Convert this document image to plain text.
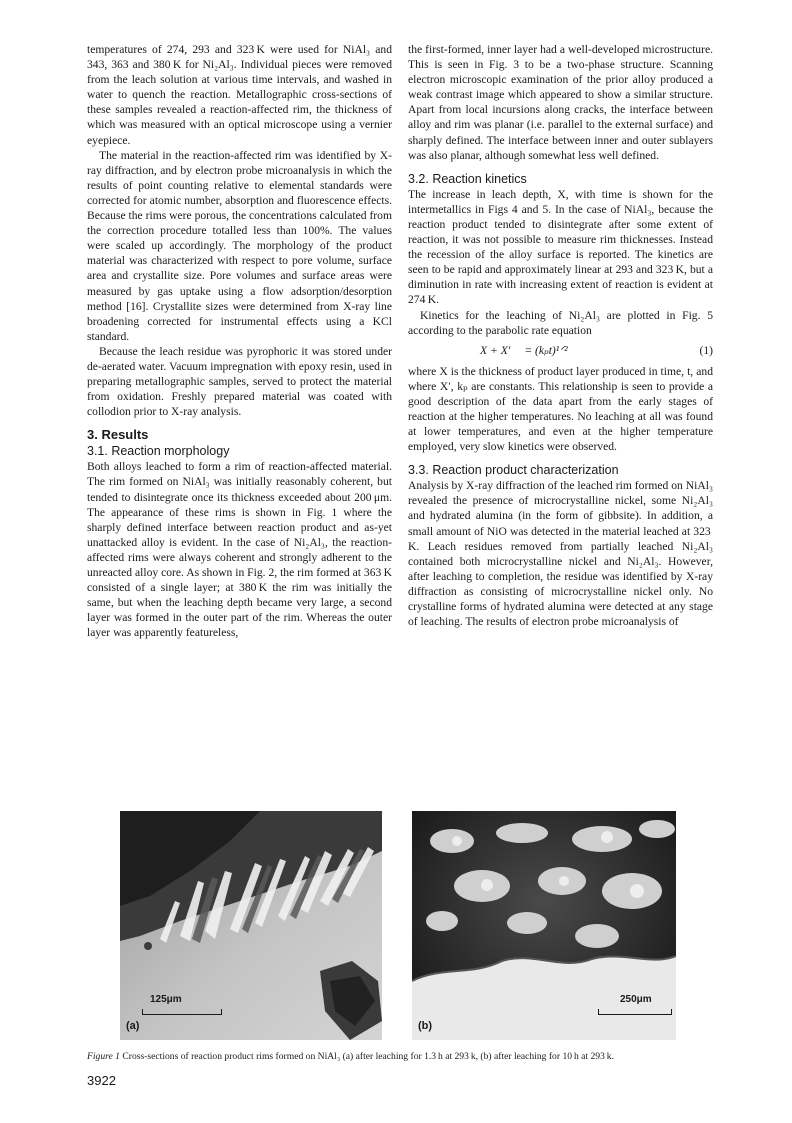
temperatures of 274, 293 and 323 K were used for NiAl₃ and 343, 363 and 380 K for Ni₂Al₃. Individual pieces were removed from the leach solution at various time intervals, and washed in water to quench the reaction. Metallographic cross-sections of these samples revealed a reaction-affected rim, the thickness of which was measured with an optical microscope using a vernier eyepiece.

The material in the reaction-affected rim was identified by X-ray diffraction, and by electron probe microanalysis in which the results of point counting relative to elemental standards were corrected for atomic number, absorption and fluorescence effects. Because the rims were porous, the concentrations calculated from the correction procedure totalled less than 100%. The values were scaled up accordingly. The morphology of the product material was characterized with respect to pore volume, surface area and crystallite size. Pore volumes and surface areas were measured by gas uptake using a flow adsorption/desorption method [16]. Crystallite sizes were determined from X-ray line broadening corrected for instrumental effects using a KCl standard.

Because the leach residue was pyrophoric it was stored under de-aerated water. Vacuum impregnation with epoxy resin, used in preparing metallographic samples, served to protect the material from oxidation. Freshly prepared material was coated with collodion prior to X-ray analysis.

3. Results
3.1. Reaction morphology

Both alloys leached to form a rim of reaction-affected material. The rim formed on NiAl₃ was initially reasonably coherent, but tended to disintegrate once its thickness exceeded about 200 μm. The appearance of these rims is shown in Fig. 1 where the sharply defined interface between reaction product and as-yet unattacked alloy is evident. In the case of Ni₂Al₃, the reaction-affected rims were always coherent and strongly adherent to the unreacted alloy core. As shown in Fig. 2, the rim formed at 363 K consisted of a single layer; at 380 K the rim was initially the same, but when the leaching depth became very large, a second layer was formed in the outer part of the rim. Whereas the outer layer was apparently featureless,

the first-formed, inner layer had a well-developed microstructure. This is seen in Fig. 3 to be a two-phase structure. Scanning electron microscopic examination of the prior alloy produced a weak contrast image which appeared to show a similar structure. Apart from local incursions along cracks, the interface between alloy and rim was planar (i.e. parallel to the external surface) and sharply defined. The interface between inner and outer sublayers was also planar, although somewhat less well defined.

3.2. Reaction kinetics

The increase in leach depth, X, with time is shown for the intermetallics in Figs 4 and 5. In the case of NiAl₃, because the reaction product tended to disintegrate after some extent of reaction, it was not possible to measure rim thicknesses. Instead the recession of the alloy surface is reported. The kinetics are seen to be rapid and approximately linear at 293 and 323 K, but a diminution in rate with increasing extent of reaction is evident at 274 K.

Kinetics for the leaching of Ni₂Al₃ are plotted in Fig. 5 according to the parabolic rate equation

X + X′ = (kₚt)¹ᐟ²	(1)

where X is the thickness of product layer produced in time, t, and where X′, kₚ are constants. This relationship is seen to provide a good description of the data apart from the early stages of reaction at the higher temperatures. No leaching at all was found at lower temperatures, and even at the higher temperature employed, very slow kinetics were observed.

3.3. Reaction product characterization

Analysis by X-ray diffraction of the leached rim formed on NiAl₃ revealed the presence of microcrystalline nickel, some Ni₂Al₃ and hydrated alumina (in the form of gibbsite). In addition, a small amount of NiO was detected in the material leached at 323 K. Leach residues removed from partially leached Ni₂Al₃ contained both microcrystalline nickel and Ni₂Al₃. However, after leaching to completion, the residue was identified by X-ray diffraction as consisting of microcrystalline nickel only. No crystalline forms of hydrated alumina were detected at any stage of leaching. The results of electron probe microanalysis of

125μm
(a)
250μm
(b)

Figure 1 Cross-sections of reaction product rims formed on NiAl₃ (a) after leaching for 1.3 h at 293 k, (b) after leaching for 10 h at 293 k.

3922
